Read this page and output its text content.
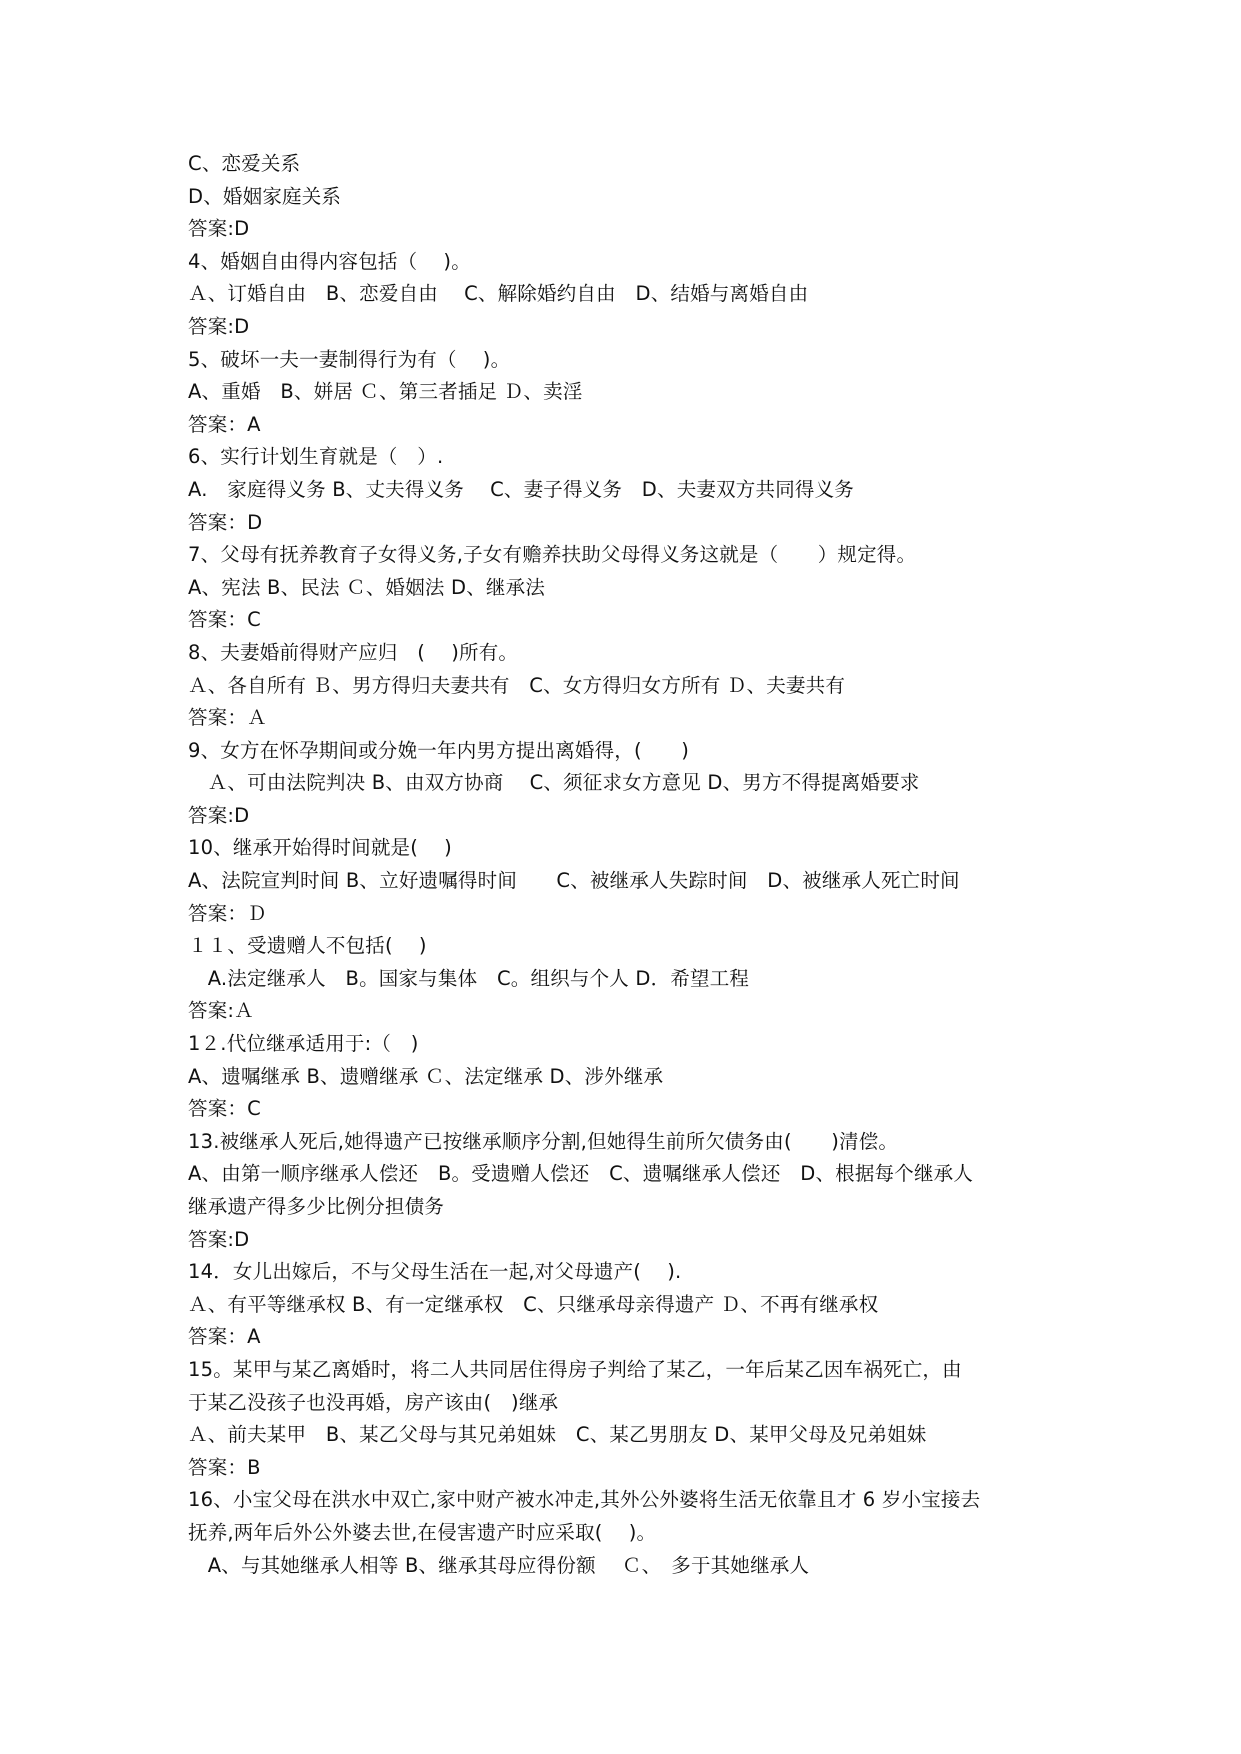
C、恋爱关系
D、婚姻家庭关系
答案:D
4、婚姻自由得内容包括（　 )。
Ａ、订婚自由　B、恋爱自由　 C、解除婚约自由　D、结婚与离婚自由
答案:D
5、破坏一夫一妻制得行为有（　 )。
A、重婚　B、姘居 Ｃ、第三者插足 Ｄ、卖淫
答案：A
6、实行计划生育就是（　）.
A.　家庭得义务 B、丈夫得义务　 C、妻子得义务　D、夫妻双方共同得义务
答案：D
7、父母有抚养教育子女得义务,子女有赡养扶助父母得义务这就是（　　）规定得。
A、宪法 B、民法 Ｃ、婚姻法 D、继承法
答案：C
8、夫妻婚前得财产应归　(　 )所有。
Ａ、各自所有 Ｂ、男方得归夫妻共有　C、女方得归女方所有 Ｄ、夫妻共有
答案：Ａ
9、女方在怀孕期间或分娩一年内男方提出离婚得，(　　)
　Ａ、可由法院判决 B、由双方协商　 C、须征求女方意见 D、男方不得提离婚要求
答案:D
10、继承开始得时间就是(　 )
A、法院宣判时间 B、立好遗嘱得时间　　C、被继承人失踪时间　D、被继承人死亡时间
答案：Ｄ
１１、受遗赠人不包括(　 )
　A.法定继承人　B。国家与集体　C。组织与个人 D．希望工程
答案:Ａ
1２.代位继承适用于:（　)
A、遗嘱继承 B、遗赠继承 Ｃ、法定继承 D、涉外继承
答案：C
13.被继承人死后,她得遗产已按继承顺序分割,但她得生前所欠债务由(　　)清偿。
A、由第一顺序继承人偿还　B。受遗赠人偿还　C、遗嘱继承人偿还　D、根据每个继承人
继承遗产得多少比例分担债务
答案:D
14．女儿出嫁后，不与父母生活在一起,对父母遗产(　 ).
Ａ、有平等继承权 B、有一定继承权　C、只继承母亲得遗产 Ｄ、不再有继承权
答案：A
15。某甲与某乙离婚时，将二人共同居住得房子判给了某乙，一年后某乙因车祸死亡，由
于某乙没孩子也没再婚，房产该由(　)继承
Ａ、前夫某甲　B、某乙父母与其兄弟姐妹　C、某乙男朋友 D、某甲父母及兄弟姐妹
答案：B
16、小宝父母在洪水中双亡,家中财产被水冲走,其外公外婆将生活无依靠且才 6 岁小宝接去
抚养,两年后外公外婆去世,在侵害遗产时应采取(　 )。
　A、与其她继承人相等 B、继承其母应得份额　 Ｃ、　多于其她继承人
